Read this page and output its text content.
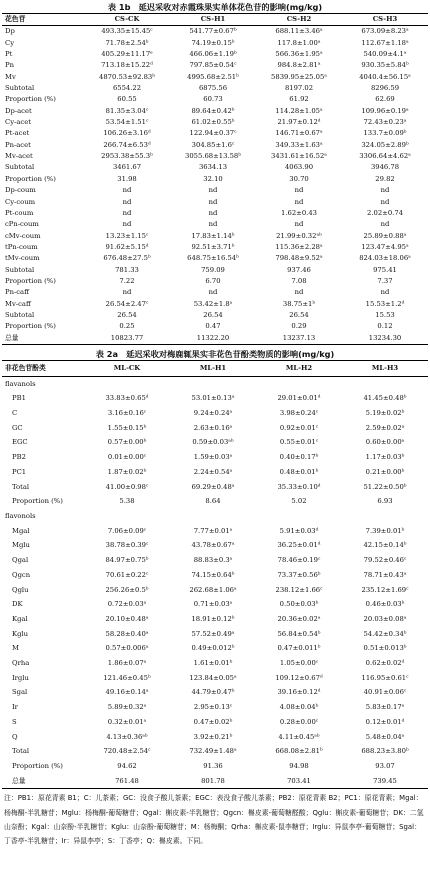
表 1b　延迟采收对赤霞珠果实单体花色苷的影响(mg/kg)
花色苷	CS-CK	CS-H1	CS-H2	CS-H3
Dp	493.35±15.45ᶜ	541.77±0.67ᵇ	688.11±3.46ᵃ	673.09±8.23ᵃ
Cy	71.78±2.54ᵇ	74.19±0.15ᵇ	117.8±1.00ᵃ	112.67±1.18ᵃ
Pt	405.29±11.17ᵉ	466.06±1.19ᵇ	566.36±1.95ᵃ	540.09±4.1ᵃ
Pn	713.18±15.22ᵈ	797.85±0.54ᶜ	984.8±2.81ᵃ	930.35±5.84ᵇ
Mv	4870.53±92.83ᵇ	4995.68±2.51ᵇ	5839.95±25.05ᵃ	4040.4±56.15ᵃ
Subtotal	6554.22	6875.56	8197.02	8296.59
Proportion (%)	60.55	60.73	61.92	62.69
Dp-acet	81.35±3.04ᶜ	89.64±0.42ᵇ	114.28±1.05ᵃ	109.96±0.19ᵃ
Cy-acet	53.54±1.51ᶜ	61.02±0.55ᵇ	21.97±0.12ᵈ	72.43±0.23ᵃ
Pt-acet	106.26±3.16ᵈ	122.94±0.37ᶜ	146.71±0.67ᵃ	133.7±0.09ᵇ
Pn-acet	266.74±6.53ᵈ	304.85±1.6ᶜ	349.33±1.63ᵃ	324.05±2.89ᵇ
Mv-acet	2953.38±55.3ᵇ	3055.68±13.58ᵇ	3431.61±16.52ᵃ	3306.64±4.62ᵃ
Subtotal	3461.67	3634.13	4063.90	3946.78
Proportion (%)	31.98	32.10	30.70	29.82
Dp-coum	nd	nd	nd	nd
Cy-coum	nd	nd	nd	nd
Pt-coum	nd	nd	1.62±0.43	2.02±0.74
cPn-coum	nd	nd	nd	nd
cMv-coum	13.23±1.15ᶜ	17.83±1.14ᵇ	21.99±0.32ᵃᵇ	25.89±0.88ᵃ
tPn-coum	91.62±5.15ᵈ	92.51±3.71ᵇ	115.36±2.28ᵃ	123.47±4.95ᵃ
tMv-coum	676.48±27.5ᵇ	648.75±16.54ᵇ	798.48±9.52ᵃ	824.03±18.06ᵃ
Subtotal	781.33	759.09	937.46	975.41
Proportion (%)	7.22	6.70	7.08	7.37
Pn-caff	nd	nd	nd	nd
Mv-caff	26.54±2.47ᶜ	53.42±1.8ᵃ	38.75±1ᵇ	15.53±1.2ᵈ
Subtotal	26.54	26.54	26.54	15.53
Proportion (%)	0.25	0.47	0.29	0.12
总量	10823.77	11322.20	13237.13	13234.30
表 2a　延迟采收对梅鹿辄果实非花色苷酚类物质的影响(mg/kg)
非花色苷酚类	ML-CK	ML-H1	ML-H2	ML-H3
flavanols				
PB1	33.83±0.65ᵈ	53.01±0.13ᵃ	29.01±0.01ᵈ	41.45±0.48ᵇ
C	3.16±0.16ᶜ	9.24±0.24ᵃ	3.98±0.24ᶜ	5.19±0.02ᵇ
GC	1.55±0.15ᵇ	2.63±0.16ᵃ	0.92±0.01ᶜ	2.59±0.02ᵃ
EGC	0.57±0.00ᵇ	0.59±0.03ᵃᵇ	0.55±0.01ᶜ	0.60±0.00ᵃ
PB2	0.01±0.00ᶜ	1.59±0.03ᵃ	0.40±0.17ᵇ	1.17±0.03ᵇ
PC1	1.87±0.02ᵇ	2.24±0.54ᵃ	0.48±0.01ᵇ	0.21±0.00ᵇ
Total	41.00±0.98ᶜ	69.29±0.48ᵃ	35.33±0.10ᵈ	51.22±0.50ᵇ
Proportion (%)	5.38	8.64	5.02	6.93
flavonols				
Mgal	7.06±0.09ᶜ	7.77±0.01ᵃ	5.91±0.03ᵈ	7.39±0.01ᵇ
Mglu	38.78±0.39ᶜ	43.78±0.67ᵃ	36.25±0.01ᵈ	42.15±0.14ᵇ
Qgal	84.97±0.75ᵇ	88.83±0.3ᵃ	78.46±0.19ᶜ	79.52±0.46ᶜ
Qgcn	70.61±0.22ᶜ	74.15±0.64ᵇ	73.37±0.56ᵇ	78.71±0.43ᵃ
Qglu	256.26±0.5ᵇ	262.68±1.06ᵃ	238.12±1.66ᶜ	235.12±1.69ᶜ
DK	0.72±0.03ᵃ	0.71±0.03ᵃ	0.50±0.03ᵇ	0.46±0.03ᵇ
Kgal	20.10±0.48ᵃ	18.91±0.12ᵇ	20.36±0.02ᵃ	20.03±0.08ᵃ
Kglu	58.28±0.40ᵃ	57.52±0.49ᵃ	56.84±0.54ᵇ	54.42±0.34ᵇ
M	0.57±0.006ᵃ	0.49±0.012ᵇ	0.47±0.011ᵇ	0.51±0.013ᵇ
Qrha	1.86±0.07ᵃ	1.61±0.01ᵇ	1.05±0.00ᶜ	0.62±0.02ᵈ
Irglu	121.46±0.45ᵇ	123.84±0.05ᵃ	109.12±0.67ᵈ	116.95±0.61ᶜ
Sgal	49.16±0.14ᵃ	44.79±0.47ᵇ	39.16±0.12ᵈ	40.91±0.06ᶜ
Ir	5.89±0.32ᵃ	2.95±0.13ᶜ	4.08±0.04ᵇ	5.83±0.17ᵃ
S	0.32±0.01ᵃ	0.47±0.02ᵇ	0.28±0.00ᶜ	0.12±0.01ᵈ
Q	4.13±0.36ᵃᵇ	3.92±0.21ᵇ	4.11±0.45ᵃᵇ	5.48±0.04ᵃ
Total	720.48±2.54ᶜ	732.49±1.48ᵃ	668.08±2.81ᵇ	688.23±3.80ᵇ
Proportion (%)	94.62	91.36	94.98	93.07
总量	761.48	801.78	703.41	739.45
注：PB1：原花青素 B1；C：儿茶素；GC：没食子酸儿茶素；EGC：表没食子酸儿茶素；PB2：原花青素 B2；PC1：原花青素；Mgal：杨梅酮-半乳糖苷；Mglu：杨梅酮-葡萄糖苷；Qgal：槲皮素-半乳糖苷；Qgcn：槲皮素-葡萄糖醛酸；Qglu：槲皮素-葡萄糖苷；DK：二氢山奈酚；Kgal：山奈酚-半乳糖苷；Kglu：山奈酚-葡萄糖苷；M：杨梅酮；Qrha：槲皮素-鼠李糖苷；Irglu：异鼠李亭-葡萄糖苷；Sgal：丁香亭-半乳糖苷；Ir：异鼠李亭；S：丁香亭；Q：槲皮素。下同。
